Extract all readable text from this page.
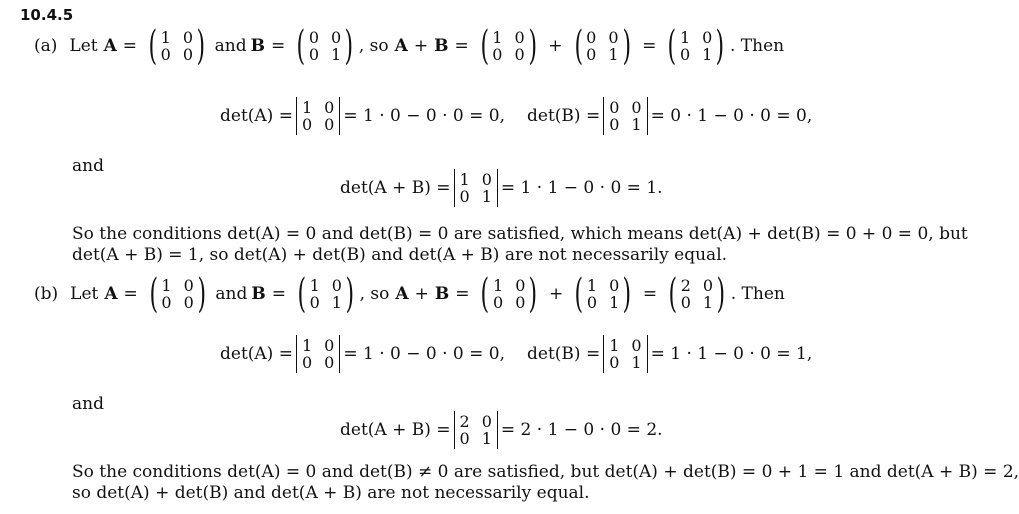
10.4.5
(a) Let A = ( 1 0
0 0 ) and B = ( 0 0
0 1 ) , so A + B = ( 1 0
0 0 ) + ( 0 0
0 1 ) = ( 1 0
0 1 ) . Then
det(A) = 1 0
0 0 = 1 · 0 − 0 · 0 = 0, det(B) = 0 0
0 1 = 0 · 1 − 0 · 0 = 0,
and
det(A + B) = 1 0
0 1 = 1 · 1 − 0 · 0 = 1.
So the conditions det(A) = 0 and det(B) = 0 are satisfied, which means det(A) + det(B) = 0 + 0 = 0, but
det(A + B) = 1, so det(A) + det(B) and det(A + B) are not necessarily equal.
(b) Let A = ( 1 0
0 0 ) and B = ( 1 0
0 1 ) , so A + B = ( 1 0
0 0 ) + ( 1 0
0 1 ) = ( 2 0
0 1 ) . Then
det(A) = 1 0
0 0 = 1 · 0 − 0 · 0 = 0, det(B) = 1 0
0 1 = 1 · 1 − 0 · 0 = 1,
and
det(A + B) = 2 0
0 1 = 2 · 1 − 0 · 0 = 2.
So the conditions det(A) = 0 and det(B) ≠ 0 are satisfied, but det(A) + det(B) = 0 + 1 = 1 and det(A + B) = 2,
so det(A) + det(B) and det(A + B) are not necessarily equal.
